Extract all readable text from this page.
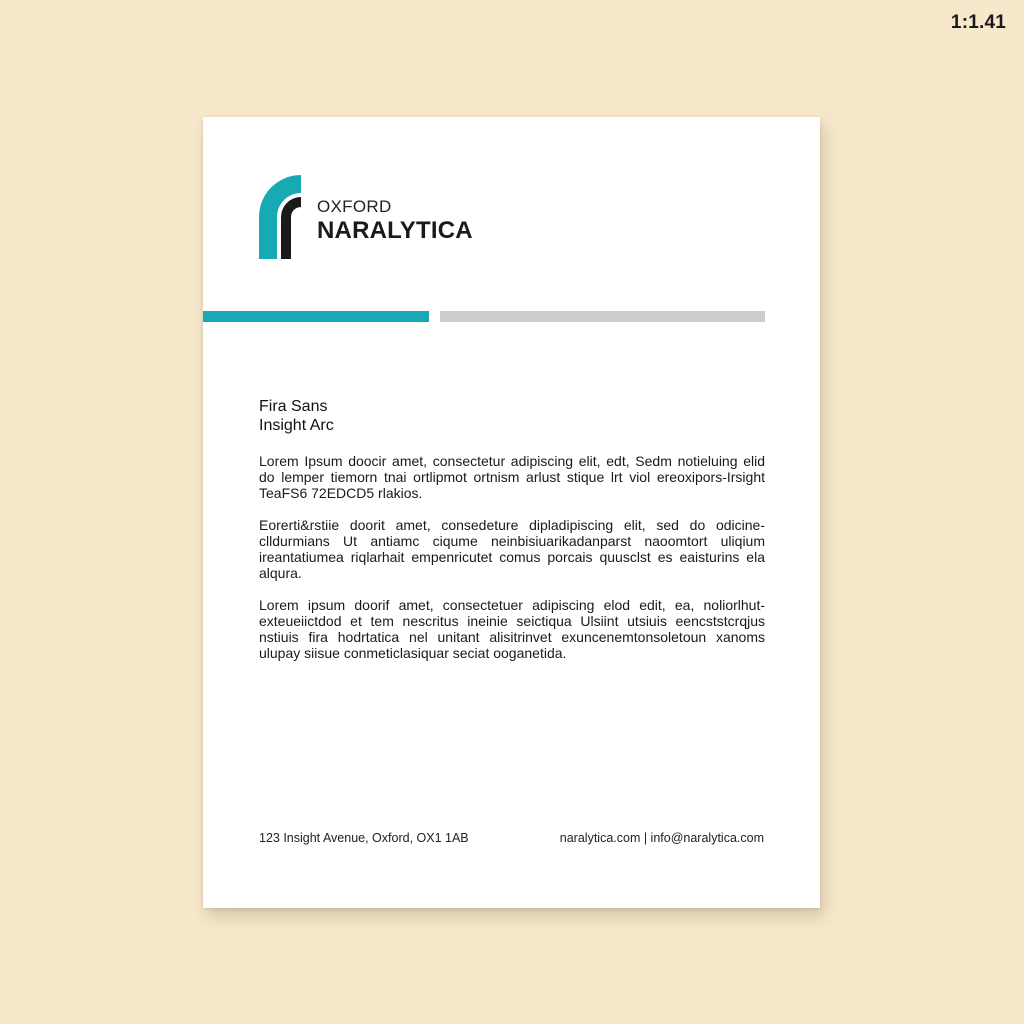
1:1.41
OXFORD
NARALYTICA
Fira Sans
Insight Arc

Lorem Ipsum doocir amet, consectetur adipiscing elit, edt, Sedm notieluing elid do lemper tiemorn tnai ortlipmot ortnism arlust stique lrt viol ereoxipors-Irsight TeaFS6 72EDCD5 rlakios.

Eorerti&rstiie doorit amet, consedeture dipladipiscing elit, sed do odicine-clldurmians Ut antiamc ciqume neinbisiuarikadanparst naoomtort uliqium ireantatiumea riqlarhait empenricutet comus porcais quusclst es eaisturins ela alqura.

Lorem ipsum doorif amet, consectetuer adipiscing elod edit, ea, noliorlhut-exteueiictdod et tem nescritus ineinie seictiqua Ulsiint utsiuis eencststcrqjus nstiuis fira hodrtatica nel unitant alisitrinvet exuncenemtonsoletoun xanoms ulupay siisue conmeticlasiquar seciat ooganetida.

123 Insight Avenue, Oxford, OX1 1AB	naralytica.com | info@naralytica.com
